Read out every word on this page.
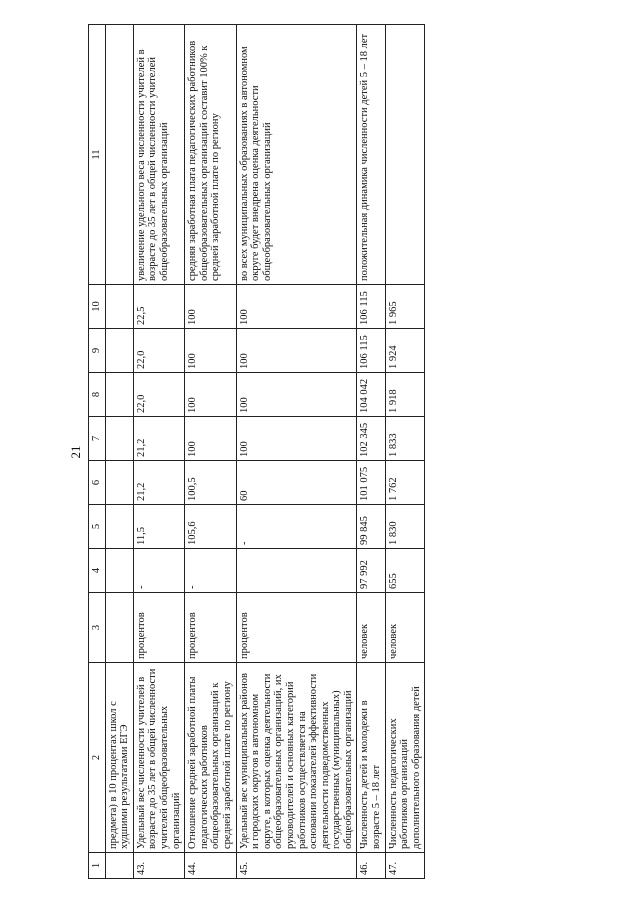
21
1	2	3	4	5	6	7	8	9	10	11
	предмета) в 10 процентах школ с худшими результатами ЕГЭ									
43.	Удельный вес численности учителей в возрасте до 35 лет в общей численности учителей общеобразовательных организаций	процентов	-	11,5	21,2	21,2	22,0	22,0	22,5	увеличение удельного веса численности учителей в возрасте до 35 лет в общей численности учителей общеобразовательных организаций
44.	Отношение средней заработной платы педагогических работников общеобразовательных организаций к средней заработной плате по региону	процентов	-	105,6	100,5	100	100	100	100	средняя заработная плата педагогических работников общеобразовательных организаций составит 100% к средней заработной плате по региону
45.	Удельный вес муниципальных районов и городских округов в автономном округе, в которых оценка деятельности общеобразовательных организаций, их руководителей и основных категорий работников осуществляется на основании показателей эффективности деятельности подведомственных государственных (муниципальных) общеобразовательных организаций	процентов		-	60	100	100	100	100	во всех муниципальных образованиях в автономном округе будет внедрена оценка деятельности общеобразовательных организаций
46.	Численность детей и молодежи в возрасте 5 – 18 лет	человек	97 992	99 845	101 075	102 345	104 042	106 115	106 115	положительная динамика численности детей 5 – 18 лет
47.	Численность педагогических работников организаций дополнительного образования детей	человек	655	1 830	1 762	1 833	1 918	1 924	1 965	
